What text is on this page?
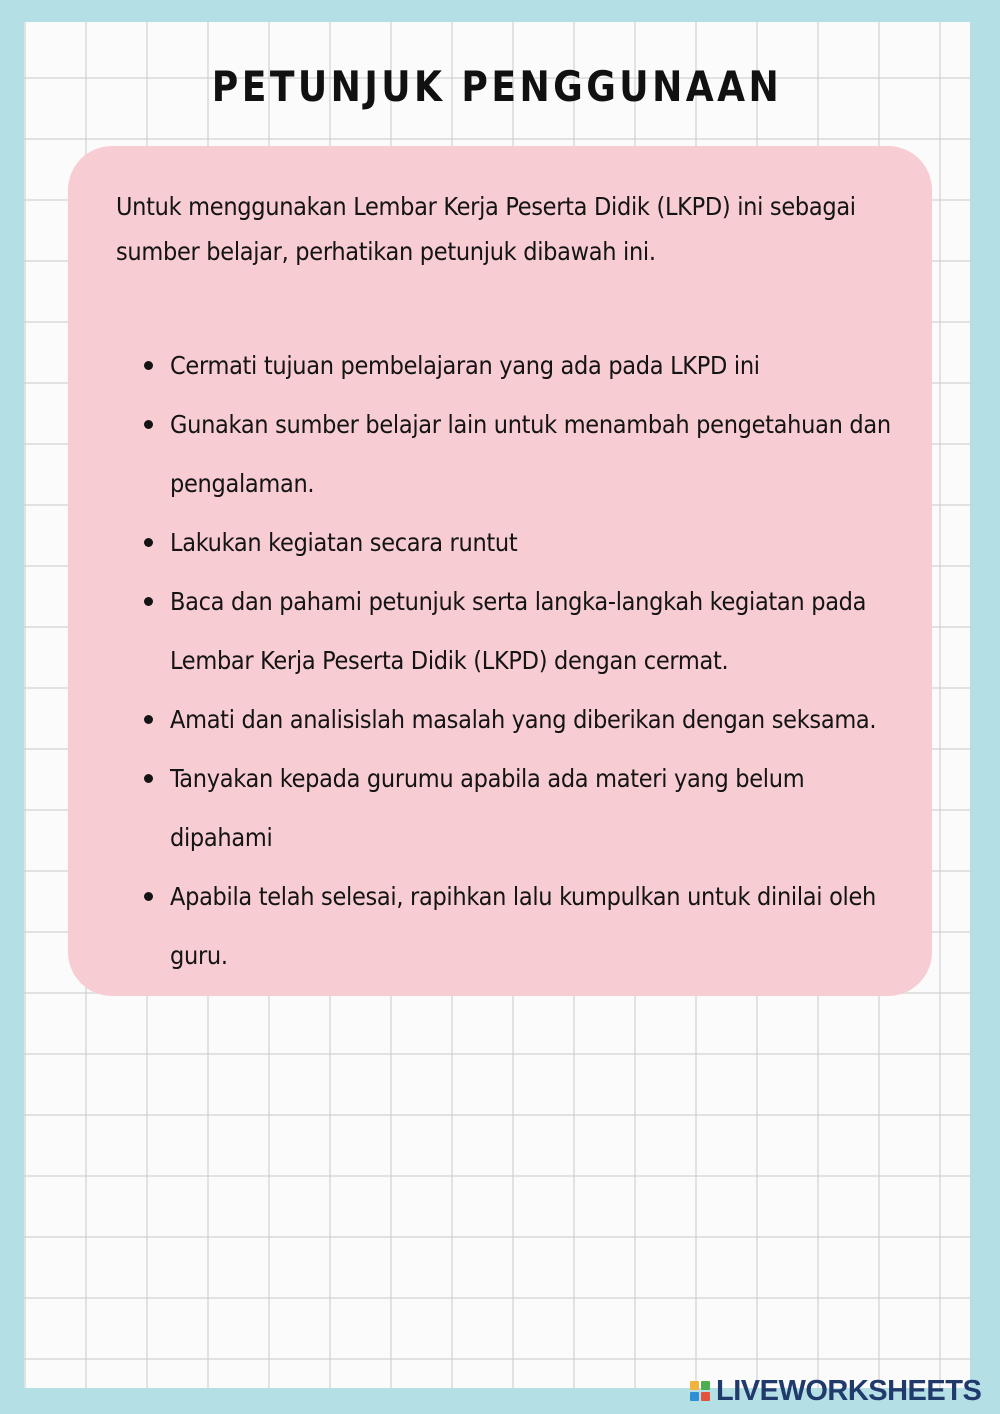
PETUNJUK PENGGUNAAN

Untuk menggunakan Lembar Kerja Peserta Didik (LKPD) ini sebagai sumber belajar, perhatikan petunjuk dibawah ini.

Cermati tujuan pembelajaran yang ada pada LKPD ini
Gunakan sumber belajar lain untuk menambah pengetahuan dan pengalaman.
Lakukan kegiatan secara runtut
Baca dan pahami petunjuk serta langka-langkah kegiatan pada Lembar Kerja Peserta Didik (LKPD) dengan cermat.
Amati dan analisislah masalah yang diberikan dengan seksama.
Tanyakan kepada gurumu apabila ada materi yang belum dipahami
Apabila telah selesai, rapihkan lalu kumpulkan untuk dinilai oleh guru.
LIVEWORKSHEETS
